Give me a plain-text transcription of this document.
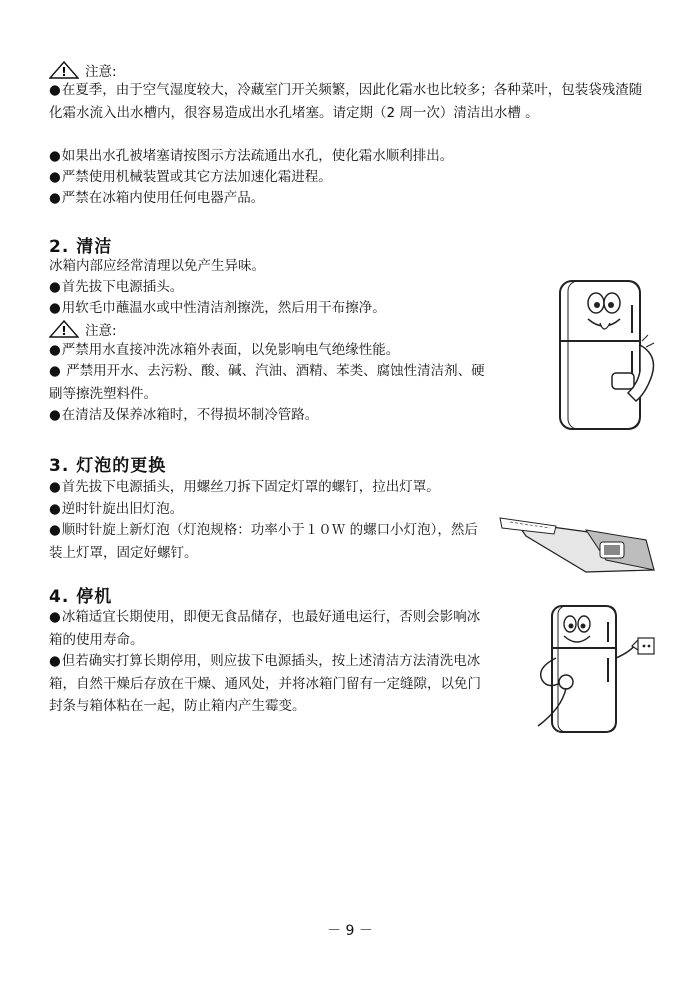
! 注意:
● 在夏季，由于空气湿度较大，冷藏室门开关频繁，因此化霜水也比较多；各种菜叶，包装袋残渣随化霜水流入出水槽内，很容易造成出水孔堵塞。请定期（2 周一次）清洁出水槽 。
● 如果出水孔被堵塞请按图示方法疏通出水孔，使化霜水顺利排出。
● 严禁使用机械装置或其它方法加速化霜进程。
● 严禁在冰箱内使用任何电器产品。
2. 清洁
冰箱内部应经常清理以免产生异味。
● 首先拔下电源插头。
● 用软毛巾蘸温水或中性清洁剂擦洗，然后用干布擦净。
! 注意:
● 严禁用水直接冲洗冰箱外表面，以免影响电气绝缘性能。
● 严禁用开水、去污粉、酸、碱、汽油、酒精、苯类、腐蚀性清洁剂、硬刷等擦洗塑料件。
● 在清洁及保养冰箱时，不得损坏制冷管路。
3. 灯泡的更换
● 首先拔下电源插头，用螺丝刀拆下固定灯罩的螺钉，拉出灯罩。
● 逆时针旋出旧灯泡。
● 顺时针旋上新灯泡（灯泡规格：功率小于１０Ｗ 的螺口小灯泡），然后装上灯罩，固定好螺钉。
4. 停机
● 冰箱适宜长期使用，即便无食品储存，也最好通电运行，否则会影响冰箱的使用寿命。
● 但若确实打算长期停用，则应拔下电源插头，按上述清洁方法清洗电冰箱，自然干燥后存放在干燥、通风处，并将冰箱门留有一定缝隙，以免门封条与箱体粘在一起，防止箱内产生霉变。
－ 9 －
